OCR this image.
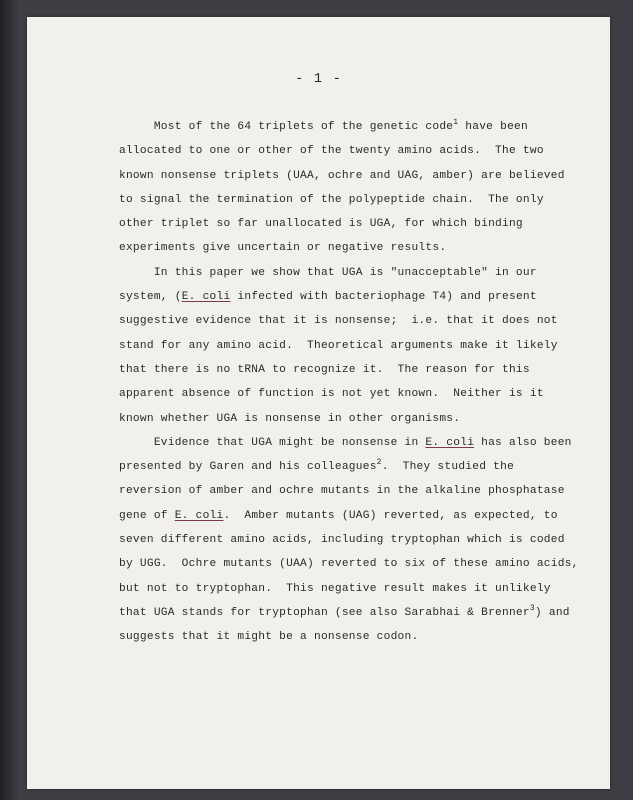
- 1 -
Most of the 64 triplets of the genetic code$^1$ have been
allocated to one or other of the twenty amino acids.  The two
known nonsense triplets (UAA, ochre and UAG, amber) are believed
to signal the termination of the polypeptide chain.  The only
other triplet so far unallocated is UGA, for which binding
experiments give uncertain or negative results.
In this paper we show that UGA is "unacceptable" in our
system, (E. coli infected with bacteriophage T4) and present
suggestive evidence that it is nonsense;  i.e. that it does not
stand for any amino acid.  Theoretical arguments make it likely
that there is no tRNA to recognize it.  The reason for this
apparent absence of function is not yet known.  Neither is it
known whether UGA is nonsense in other organisms.
Evidence that UGA might be nonsense in E. coli has also been
presented by Garen and his colleagues$^2$.  They studied the
reversion of amber and ochre mutants in the alkaline phosphatase
gene of E. coli.  Amber mutants (UAG) reverted, as expected, to
seven different amino acids, including tryptophan which is coded
by UGG.  Ochre mutants (UAA) reverted to six of these amino acids,
but not to tryptophan.  This negative result makes it unlikely
that UGA stands for tryptophan (see also Sarabhai & Brenner$^3$) and
suggests that it might be a nonsense codon.
